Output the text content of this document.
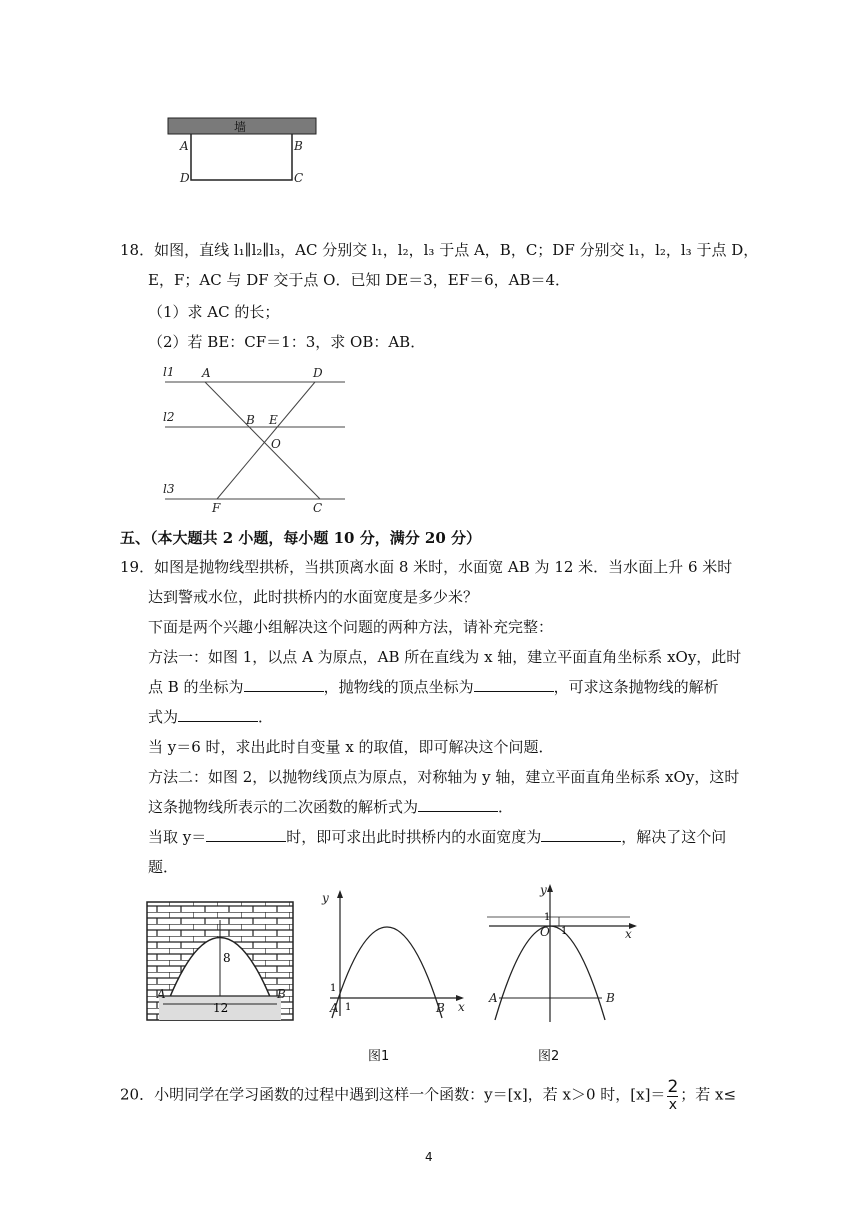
墙
A	B
D	C
18．如图，直线 l₁∥l₂∥l₃，AC 分别交 l₁，l₂，l₃ 于点 A，B，C；DF 分别交 l₁，l₂，l₃ 于点 D，
E，F；AC 与 DF 交于点 O．已知 DE＝3，EF＝6，AB＝4．
（1）求 AC 的长；
（2）若 BE：CF＝1：3，求 OB：AB．
l1
l2
l3
A	D
B E
O
F	C
五、（本大题共 2 小题，每小题 10 分，满分 20 分）
19．如图是抛物线型拱桥，当拱顶离水面 8 米时，水面宽 AB 为 12 米．当水面上升 6 米时
达到警戒水位，此时拱桥内的水面宽度是多少米？
下面是两个兴趣小组解决这个问题的两种方法，请补充完整：
方法一：如图 1，以点 A 为原点，AB 所在直线为 x 轴，建立平面直角坐标系 xOy，此时
点 B 的坐标为	，抛物线的顶点坐标为	，可求这条抛物线的解析
式为	．
当 y＝6 时，求出此时自变量 x 的取值，即可解决这个问题．
方法二：如图 2，以抛物线顶点为原点，对称轴为 y 轴，建立平面直角坐标系 xOy，这时
这条抛物线所表示的二次函数的解析式为	．
当取 y＝	时，即可求出此时拱桥内的水面宽度为	，解决了这个问
题．
8
12
A	B
y
x
1
1
A	B
y
x
1
1
O
A	B
图1	图2
20．小明同学在学习函数的过程中遇到这样一个函数：y＝[x]，若 x＞0 时，[x]＝ 2
x
；若 x≤
4
